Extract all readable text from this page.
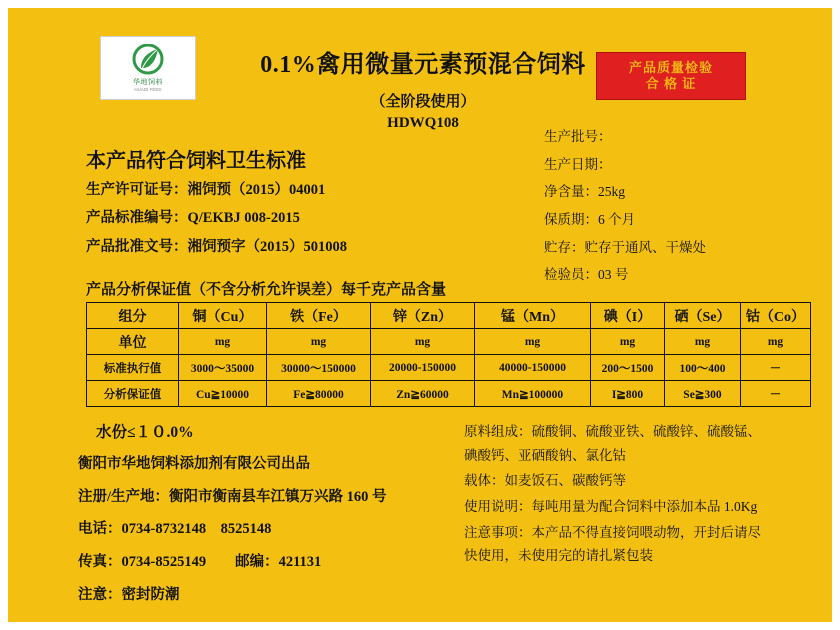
华地饲料
HUADI FEED
0.1%禽用微量元素预混合饲料
（全阶段使用）
HDWQ108
产品质量检验
合 格 证
本产品符合饲料卫生标准
生产许可证号：湘饲预（2015）04001
产品标准编号：Q/EKBJ 008-2015
产品批准文号：湘饲预字（2015）501008
生产批号：
生产日期：
净含量：25kg
保质期：6 个月
贮存：贮存于通风、干燥处
检验员：03 号
产品分析保证值（不含分析允许误差）每千克产品含量
组分	铜（Cu）	铁（Fe）	锌（Zn）	锰（Mn）	碘（I）	硒（Se）	钴（Co）
单位	mg	mg	mg	mg	mg	mg	mg
标准执行值	3000～35000	30000～150000	20000-150000	40000-150000	200～1500	100～400	－
分析保证值	Cu≧10000	Fe≧80000	Zn≧60000	Mn≧100000	I≧800	Se≧300	－
水份≤１０.0%
衡阳市华地饲料添加剂有限公司出品
注册/生产地：衡阳市衡南县车江镇万兴路 160 号
电话：0734-8732148　8525148
传真：0734-8525149　　邮编：421131
注意：密封防潮

原料组成：硫酸铜、硫酸亚铁、硫酸锌、硫酸锰、碘酸钙、亚硒酸钠、氯化钴

载体：如麦饭石、碳酸钙等

使用说明：每吨用量为配合饲料中添加本品 1.0Kg

注意事项：本产品不得直接饲喂动物，开封后请尽快使用，未使用完的请扎紧包装
